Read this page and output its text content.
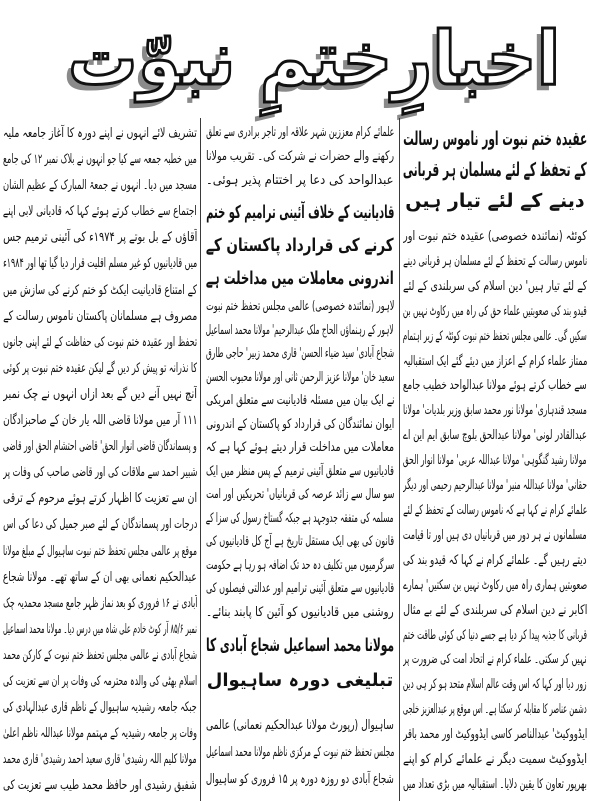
اخبارِختمِ نبوّت
عقیدہ ختم نبوت اور ناموس رسالت
کے تحفظ کے لئے مسلمان ہر قربانی
دینے کے لئے تیار ہیں
کوئٹہ (نمائندہ خصوصی) عقیدہ ختم نبوت اور
ناموس رسالت کے تحفظ کے لئے مسلمان ہر قربانی دینے
کے لئے تیار ہیں' دین اسلام کی سربلندی کے لئے
قیدو بند کی صعوبتیں علماء حق کی راہ میں رکاوٹ نہیں بن
سکیں گی۔ عالمی مجلس تحفظ ختم نبوت کوئٹہ کے زیر اہتمام
ممتاز علماء کرام کے اعزاز میں دیئے گئے ایک استقبالیہ
سے خطاب کرتے ہوئے مولانا عبدالواحد خطیب جامع
مسجد قندہاری' مولانا نور محمد سابق وزیر بلدیات' مولانا
عبدالقادر لونی' مولانا عبدالحق بلوچ سابق ایم این اے
مولانا رشید گنگوہی' مولانا عبداللہ عربی' مولانا انوار الحق
حقانی' مولانا عبداللہ منیر' مولانا عبدالرحیم رحیمی اور دیگر
علمائے کرام نے کہا ہے کہ ناموس رسالت کے تحفظ کے لئے
مسلمانوں نے ہر دور میں قربانیاں دی ہیں اور تا قیامت
دیتے رہیں گے۔ علمائے کرام نے کہا کہ قیدو بند کی
صعوبتیں ہماری راہ میں رکاوٹ نہیں بن سکتیں' ہمارے
اکابر نے دین اسلام کی سربلندی کے لئے بے مثال
قربانی کا جذبہ پیدا کر دیا ہے جسے دنیا کی کوئی طاقت ختم
نہیں کر سکتی۔ علماء کرام نے اتحاد امت کی ضرورت پر
زور دیا اور کہا کہ اس وقت عالم اسلام متحد ہو کر ہی دین
دشمن عناصر کا مقابلہ کر سکتا ہے۔ اس موقع پر عبدالعزیز خلجی
ایڈووکیٹ' عبدالناصر کاسی ایڈووکیٹ اور محمد باقر
ایڈووکیٹ سمیت دیگر نے علمائے کرام کو اپنے
بھرپور تعاون کا یقین دلایا۔ استقبالیہ میں بڑی تعداد میں
علمائے کرام معززین شہر علاقہ اور تاجر برادری سے تعلق
رکھنے والے حضرات نے شرکت کی۔ تقریب مولانا
عبدالواحد کی دعا پر اختتام پذیر ہوئی۔
قادیانیت کے خلاف آئینی ترامیم کو ختم
کرنے کی قرارداد پاکستان کے
اندرونی معاملات میں مداخلت ہے
لاہور (نمائندہ خصوصی) عالمی مجلس تحفظ ختم نبوت
لاہور کے رہنماؤں الحاج ملک عبدالرحیم' مولانا محمد اسماعیل
شجاع آبادی' سید ضیاء الحسن' قاری محمد زبیر' حاجی طارق
سعید خان' مولانا عزیز الرحمن ثانی اور مولانا محبوب الحسن
نے ایک بیان میں مسئلہ قادیانیت سے متعلق امریکی
ایوان نمائندگان کی قرارداد کو پاکستان کے اندرونی
معاملات میں مداخلت قرار دیتے ہوئے کہا ہے کہ
قادیانیوں سے متعلق آئینی ترمیم کے پس منظر میں ایک
سو سال سے زائد عرصہ کی قربانیاں' تحریکیں اور امت
مسلمہ کی متفقہ جدوجہد ہے جبکہ گستاخ رسول کی سزا کے
قانون کی بھی ایک مستقل تاریخ ہے آج کل قادیانیوں کی
سرگرمیوں میں تکلیف دہ حد تک اضافہ ہو رہا ہے حکومت
قادیانیوں سے متعلق آئینی ترامیم اور عدالتی فیصلوں کی
روشنی میں قادیانیوں کو آئین کا پابند بنائے۔
مولانا محمد اسماعیل شجاع آبادی کا
تبلیغی دورہ ساہیوال
ساہیوال (رپورٹ مولانا عبدالحکیم نعمانی) عالمی
مجلس تحفظ ختم نبوت کے مرکزی ناظم مولانا محمد اسماعیل
شجاع آبادی دو روزہ دورہ پر ۱۵ فروری کو ساہیوال
تشریف لائے انہوں نے اپنے دورہ کا آغاز جامعہ ملیہ
میں خطبہ جمعہ سے کیا جو انہوں نے بلاک نمبر ۱۲ کی جامع
مسجد میں دیا۔ انہوں نے جمعۃ المبارک کے عظیم الشان
اجتماع سے خطاب کرتے ہوئے کہا کہ قادیانی لابی اپنے
آقاؤں کے بل بوتے پر ۱۹۷۴ء کی آئینی ترمیم جس
میں قادیانیوں کو غیر مسلم اقلیت قرار دیا گیا تھا اور ۱۹۸۴ء
کے امتناع قادیانیت ایکٹ کو ختم کرنے کی سازش میں
مصروف ہے مسلمانان پاکستان ناموس رسالت کے
تحفظ اور عقیدہ ختم نبوت کی حفاظت کے لئے اپنی جانوں
کا نذرانہ تو پیش کر دیں گے لیکن عقیدہ ختم نبوت پر کوئی
آنچ نہیں آنے دیں گے بعد ازاں انہوں نے چک نمبر
۱۱۱ آر میں مولانا قاضی اللہ یار خان کے صاحبزادگان
و پسماندگان قاضی انوار الحق' قاضی احتشام الحق اور قاضی
شبیر احمد سے ملاقات کی اور قاضی صاحب کی وفات پر
ان سے تعزیت کا اظہار کرتے ہوئے مرحوم کے ترقی
درجات اور پسماندگان کے لئے صبر جمیل کی دعا کی اس
موقع پر عالمی مجلس تحفظ ختم نبوت ساہیوال کے مبلغ مولانا
عبدالحکیم نعمانی بھی ان کے ساتھ تھے۔ مولانا شجاع
آبادی نے ۱۶ فروری کو بعد نماز ظہر جامع مسجد محمدیہ چک
نمبر ۸۵/۶ آر کوٹ خادم علی شاہ میں درس دیا۔ مولانا محمد اسماعیل
شجاع آبادی نے عالمی مجلس تحفظ ختم نبوت کے کارکن محمد
اسلام بھٹی کی والدہ محترمہ کی وفات پر ان سے تعزیت کی
جبکہ جامعہ رشیدیہ ساہیوال کے ناظم قاری عبدالہادی کی
وفات پر جامعہ رشیدیہ کے مہتمم مولانا عبداللہ ناظم اعلیٰ
مولانا کلیم اللہ رشیدی' قاری سعید احمد رشیدی' قاری محمد
شفیق رشیدی اور حافظ محمد طیب سے تعزیت کی
